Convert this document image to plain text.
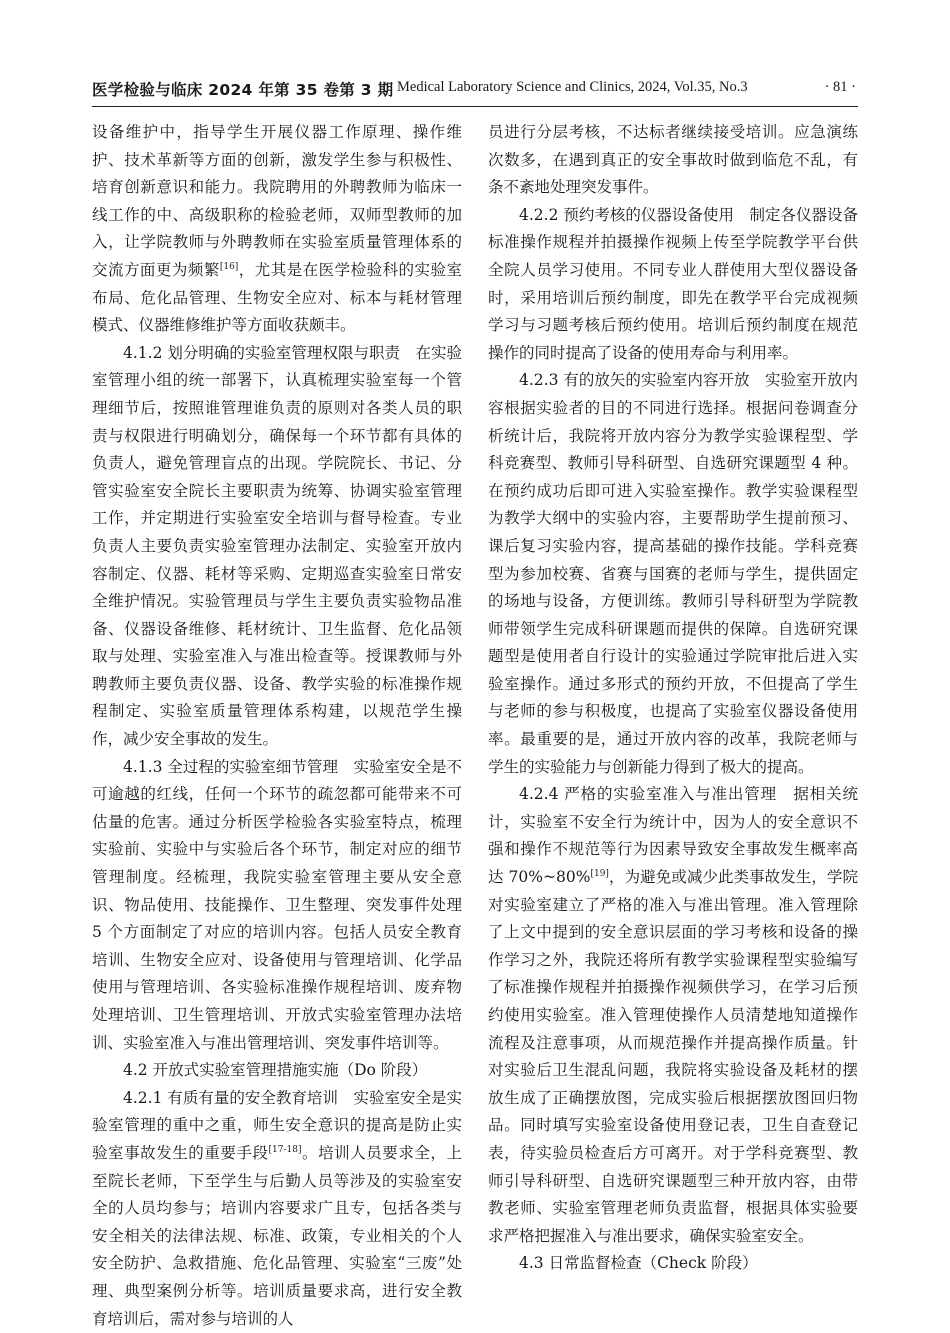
医学检验与临床 2024 年第 35 卷第 3 期 Medical Laboratory Science and Clinics, 2024, Vol.35, No.3	· 81 ·

设备维护中，指导学生开展仪器工作原理、操作维护、技术革新等方面的创新，激发学生参与积极性、培育创新意识和能力。我院聘用的外聘教师为临床一线工作的中、高级职称的检验老师，双师型教师的加入，让学院教师与外聘教师在实验室质量管理体系的交流方面更为频繁[16]，尤其是在医学检验科的实验室布局、危化品管理、生物安全应对、标本与耗材管理模式、仪器维修维护等方面收获颇丰。

4.1.2 划分明确的实验室管理权限与职责　在实验室管理小组的统一部署下，认真梳理实验室每一个管理细节后，按照谁管理谁负责的原则对各类人员的职责与权限进行明确划分，确保每一个环节都有具体的负责人，避免管理盲点的出现。学院院长、书记、分管实验室安全院长主要职责为统筹、协调实验室管理工作，并定期进行实验室安全培训与督导检查。专业负责人主要负责实验室管理办法制定、实验室开放内容制定、仪器、耗材等采购、定期巡查实验室日常安全维护情况。实验管理员与学生主要负责实验物品准备、仪器设备维修、耗材统计、卫生监督、危化品领取与处理、实验室准入与准出检查等。授课教师与外聘教师主要负责仪器、设备、教学实验的标准操作规程制定、实验室质量管理体系构建，以规范学生操作，减少安全事故的发生。

4.1.3 全过程的实验室细节管理　实验室安全是不可逾越的红线，任何一个环节的疏忽都可能带来不可估量的危害。通过分析医学检验各实验室特点，梳理实验前、实验中与实验后各个环节，制定对应的细节管理制度。经梳理，我院实验室管理主要从安全意识、物品使用、技能操作、卫生整理、突发事件处理 5 个方面制定了对应的培训内容。包括人员安全教育培训、生物安全应对、设备使用与管理培训、化学品使用与管理培训、各实验标准操作规程培训、废弃物处理培训、卫生管理培训、开放式实验室管理办法培训、实验室准入与准出管理培训、突发事件培训等。

4.2 开放式实验室管理措施实施（Do 阶段）

4.2.1 有质有量的安全教育培训　实验室安全是实验室管理的重中之重，师生安全意识的提高是防止实验室事故发生的重要手段[17-18]。培训人员要求全，上至院长老师，下至学生与后勤人员等涉及的实验室安全的人员均参与；培训内容要求广且专，包括各类与安全相关的法律法规、标准、政策，专业相关的个人安全防护、急救措施、危化品管理、实验室“三废”处理、典型案例分析等。培训质量要求高，进行安全教育培训后，需对参与培训的人

员进行分层考核，不达标者继续接受培训。应急演练次数多，在遇到真正的安全事故时做到临危不乱，有条不紊地处理突发事件。

4.2.2 预约考核的仪器设备使用　制定各仪器设备标准操作规程并拍摄操作视频上传至学院教学平台供全院人员学习使用。不同专业人群使用大型仪器设备时，采用培训后预约制度，即先在教学平台完成视频学习与习题考核后预约使用。培训后预约制度在规范操作的同时提高了设备的使用寿命与利用率。

4.2.3 有的放矢的实验室内容开放　实验室开放内容根据实验者的目的不同进行选择。根据问卷调查分析统计后，我院将开放内容分为教学实验课程型、学科竞赛型、教师引导科研型、自选研究课题型 4 种。在预约成功后即可进入实验室操作。教学实验课程型为教学大纲中的实验内容，主要帮助学生提前预习、课后复习实验内容，提高基础的操作技能。学科竞赛型为参加校赛、省赛与国赛的老师与学生，提供固定的场地与设备，方便训练。教师引导科研型为学院教师带领学生完成科研课题而提供的保障。自选研究课题型是使用者自行设计的实验通过学院审批后进入实验室操作。通过多形式的预约开放，不但提高了学生与老师的参与积极度，也提高了实验室仪器设备使用率。最重要的是，通过开放内容的改革，我院老师与学生的实验能力与创新能力得到了极大的提高。

4.2.4 严格的实验室准入与准出管理　据相关统计，实验室不安全行为统计中，因为人的安全意识不强和操作不规范等行为因素导致安全事故发生概率高达 70%~80%[19]，为避免或减少此类事故发生，学院对实验室建立了严格的准入与准出管理。准入管理除了上文中提到的安全意识层面的学习考核和设备的操作学习之外，我院还将所有教学实验课程型实验编写了标准操作规程并拍摄操作视频供学习，在学习后预约使用实验室。准入管理使操作人员清楚地知道操作流程及注意事项，从而规范操作并提高操作质量。针对实验后卫生混乱问题，我院将实验设备及耗材的摆放生成了正确摆放图，完成实验后根据摆放图回归物品。同时填写实验室设备使用登记表，卫生自查登记表，待实验员检查后方可离开。对于学科竞赛型、教师引导科研型、自选研究课题型三种开放内容，由带教老师、实验室管理老师负责监督，根据具体实验要求严格把握准入与准出要求，确保实验室安全。

4.3 日常监督检查（Check 阶段）
